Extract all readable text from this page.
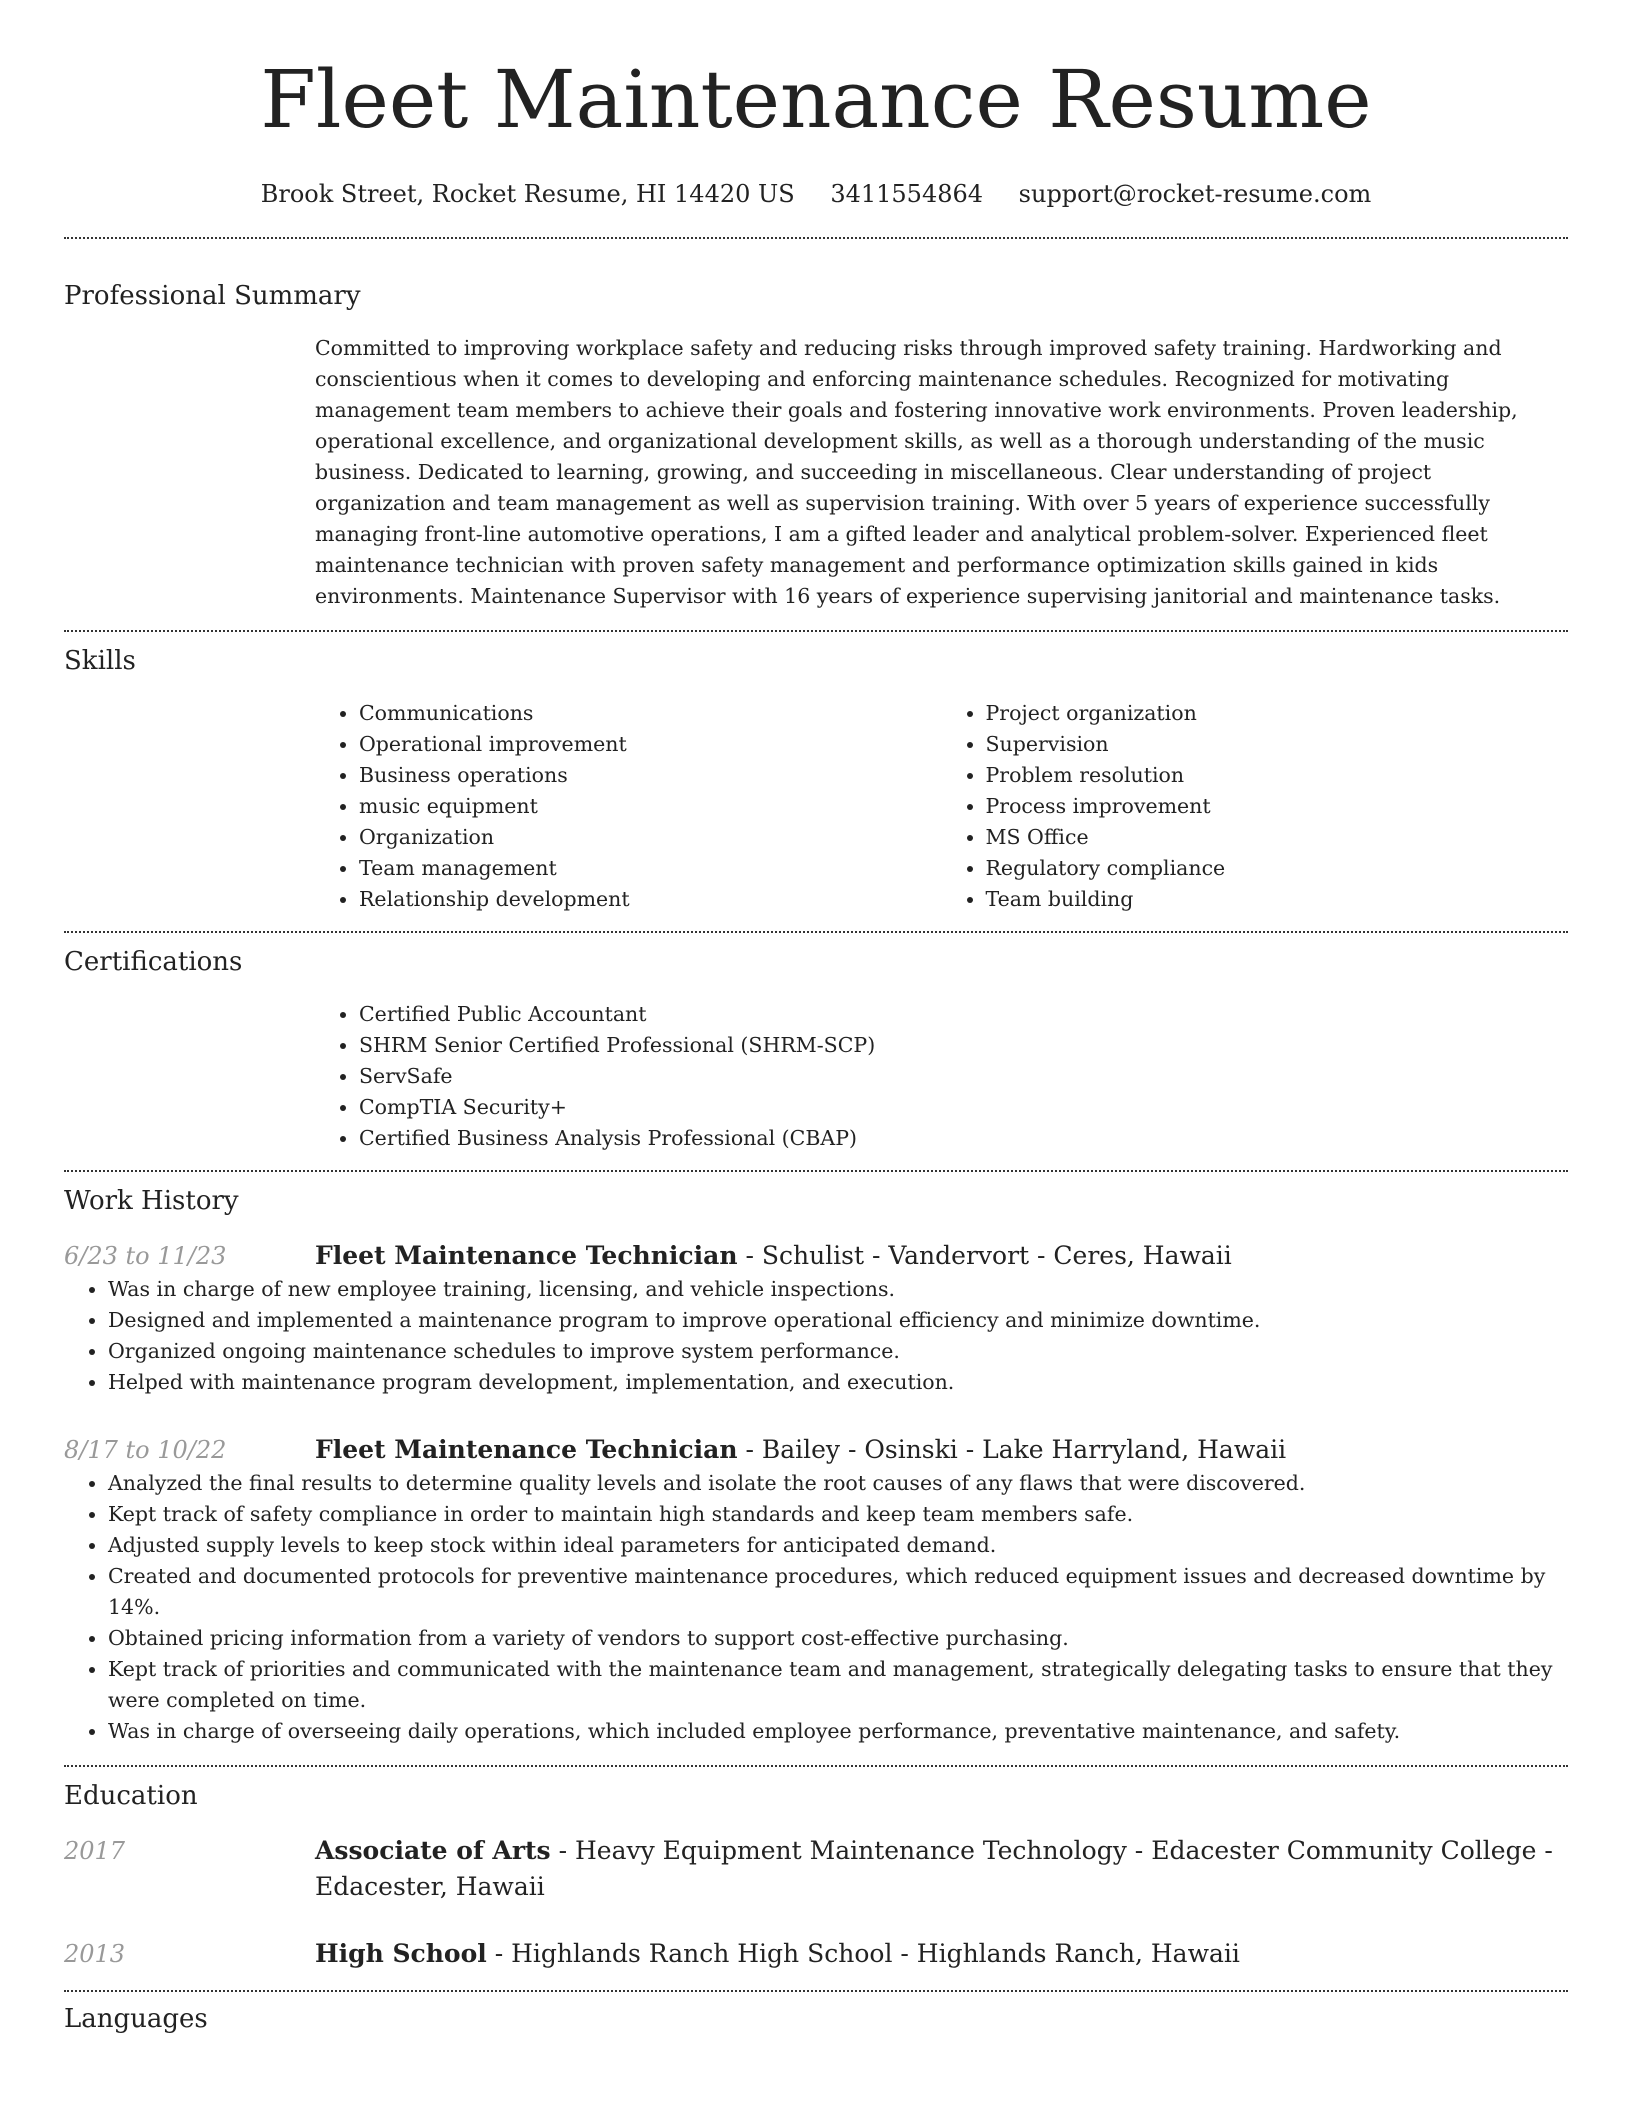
Fleet Maintenance Resume
Brook Street, Rocket Resume, HI 14420 US 3411554864 support@rocket-resume.com
Professional Summary

Committed to improving workplace safety and reducing risks through improved safety training. Hardworking and conscientious when it comes to developing and enforcing maintenance schedules. Recognized for motivating management team members to achieve their goals and fostering innovative work environments. Proven leadership, operational excellence, and organizational development skills, as well as a thorough understanding of the music business. Dedicated to learning, growing, and succeeding in miscellaneous. Clear understanding of project organization and team management as well as supervision training. With over 5 years of experience successfully managing front-line automotive operations, I am a gifted leader and analytical problem-solver. Experienced fleet maintenance technician with proven safety management and performance optimization skills gained in kids environments. Maintenance Supervisor with 16 years of experience supervising janitorial and maintenance tasks.

Skills
• Communications
• Operational improvement
• Business operations
• music equipment
• Organization
• Team management
• Relationship development
• Project organization
• Supervision
• Problem resolution
• Process improvement
• MS Office
• Regulatory compliance
• Team building
Certifications
• Certified Public Accountant
• SHRM Senior Certified Professional (SHRM-SCP)
• ServSafe
• CompTIA Security+
• Certified Business Analysis Professional (CBAP)
Work History
6/23 to 11/23	Fleet Maintenance Technician - Schulist - Vandervort - Ceres, Hawaii
• Was in charge of new employee training, licensing, and vehicle inspections.
• Designed and implemented a maintenance program to improve operational efficiency and minimize downtime.
• Organized ongoing maintenance schedules to improve system performance.
• Helped with maintenance program development, implementation, and execution.
8/17 to 10/22	Fleet Maintenance Technician - Bailey - Osinski - Lake Harryland, Hawaii
• Analyzed the final results to determine quality levels and isolate the root causes of any flaws that were discovered.
• Kept track of safety compliance in order to maintain high standards and keep team members safe.
• Adjusted supply levels to keep stock within ideal parameters for anticipated demand.
• Created and documented protocols for preventive maintenance procedures, which reduced equipment issues and decreased downtime by 14%.
• Obtained pricing information from a variety of vendors to support cost-effective purchasing.
• Kept track of priorities and communicated with the maintenance team and management, strategically delegating tasks to ensure that they were completed on time.
• Was in charge of overseeing daily operations, which included employee performance, preventative maintenance, and safety.
Education
2017	Associate of Arts - Heavy Equipment Maintenance Technology - Edacester Community College - Edacester, Hawaii
2013	High School - Highlands Ranch High School - Highlands Ranch, Hawaii
Languages
